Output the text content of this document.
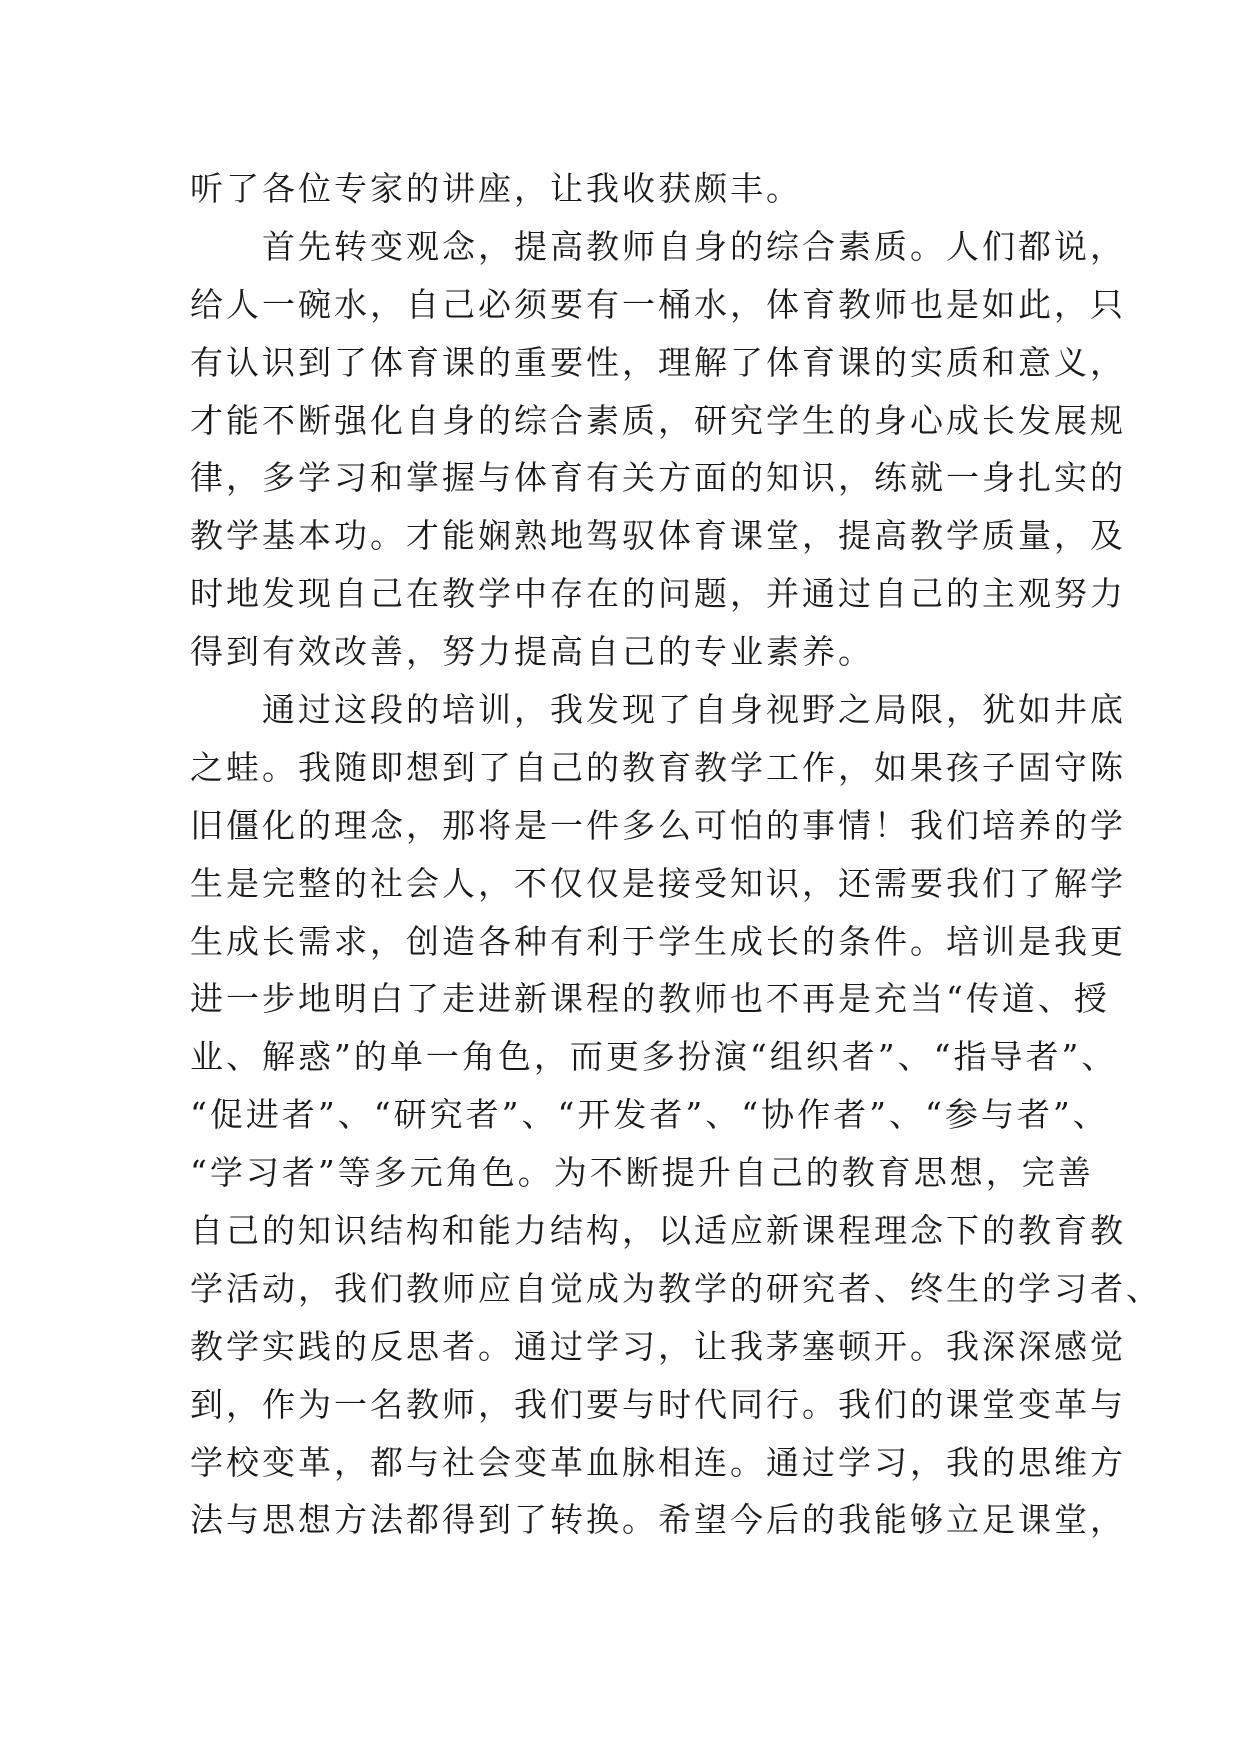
听了各位专家的讲座，让我收获颇丰。
　　首先转变观念，提高教师自身的综合素质。人们都说，
给人一碗水，自己必须要有一桶水，体育教师也是如此，只
有认识到了体育课的重要性，理解了体育课的实质和意义，
才能不断强化自身的综合素质，研究学生的身心成长发展规
律，多学习和掌握与体育有关方面的知识，练就一身扎实的
教学基本功。才能娴熟地驾驭体育课堂，提高教学质量，及
时地发现自己在教学中存在的问题，并通过自己的主观努力
得到有效改善，努力提高自己的专业素养。
　　通过这段的培训，我发现了自身视野之局限，犹如井底
之蛙。我随即想到了自己的教育教学工作，如果孩子固守陈
旧僵化的理念，那将是一件多么可怕的事情！我们培养的学
生是完整的社会人，不仅仅是接受知识，还需要我们了解学
生成长需求，创造各种有利于学生成长的条件。培训是我更
进一步地明白了走进新课程的教师也不再是充当“传道、授
业、解惑”的单一角色，而更多扮演“组织者”、“指导者”、
“促进者”、“研究者”、“开发者”、“协作者”、“参与者”、
“学习者”等多元角色。为不断提升自己的教育思想，完善
自己的知识结构和能力结构，以适应新课程理念下的教育教
学活动，我们教师应自觉成为教学的研究者、终生的学习者、
教学实践的反思者。通过学习，让我茅塞顿开。我深深感觉
到，作为一名教师，我们要与时代同行。我们的课堂变革与
学校变革，都与社会变革血脉相连。通过学习，我的思维方
法与思想方法都得到了转换。希望今后的我能够立足课堂，
